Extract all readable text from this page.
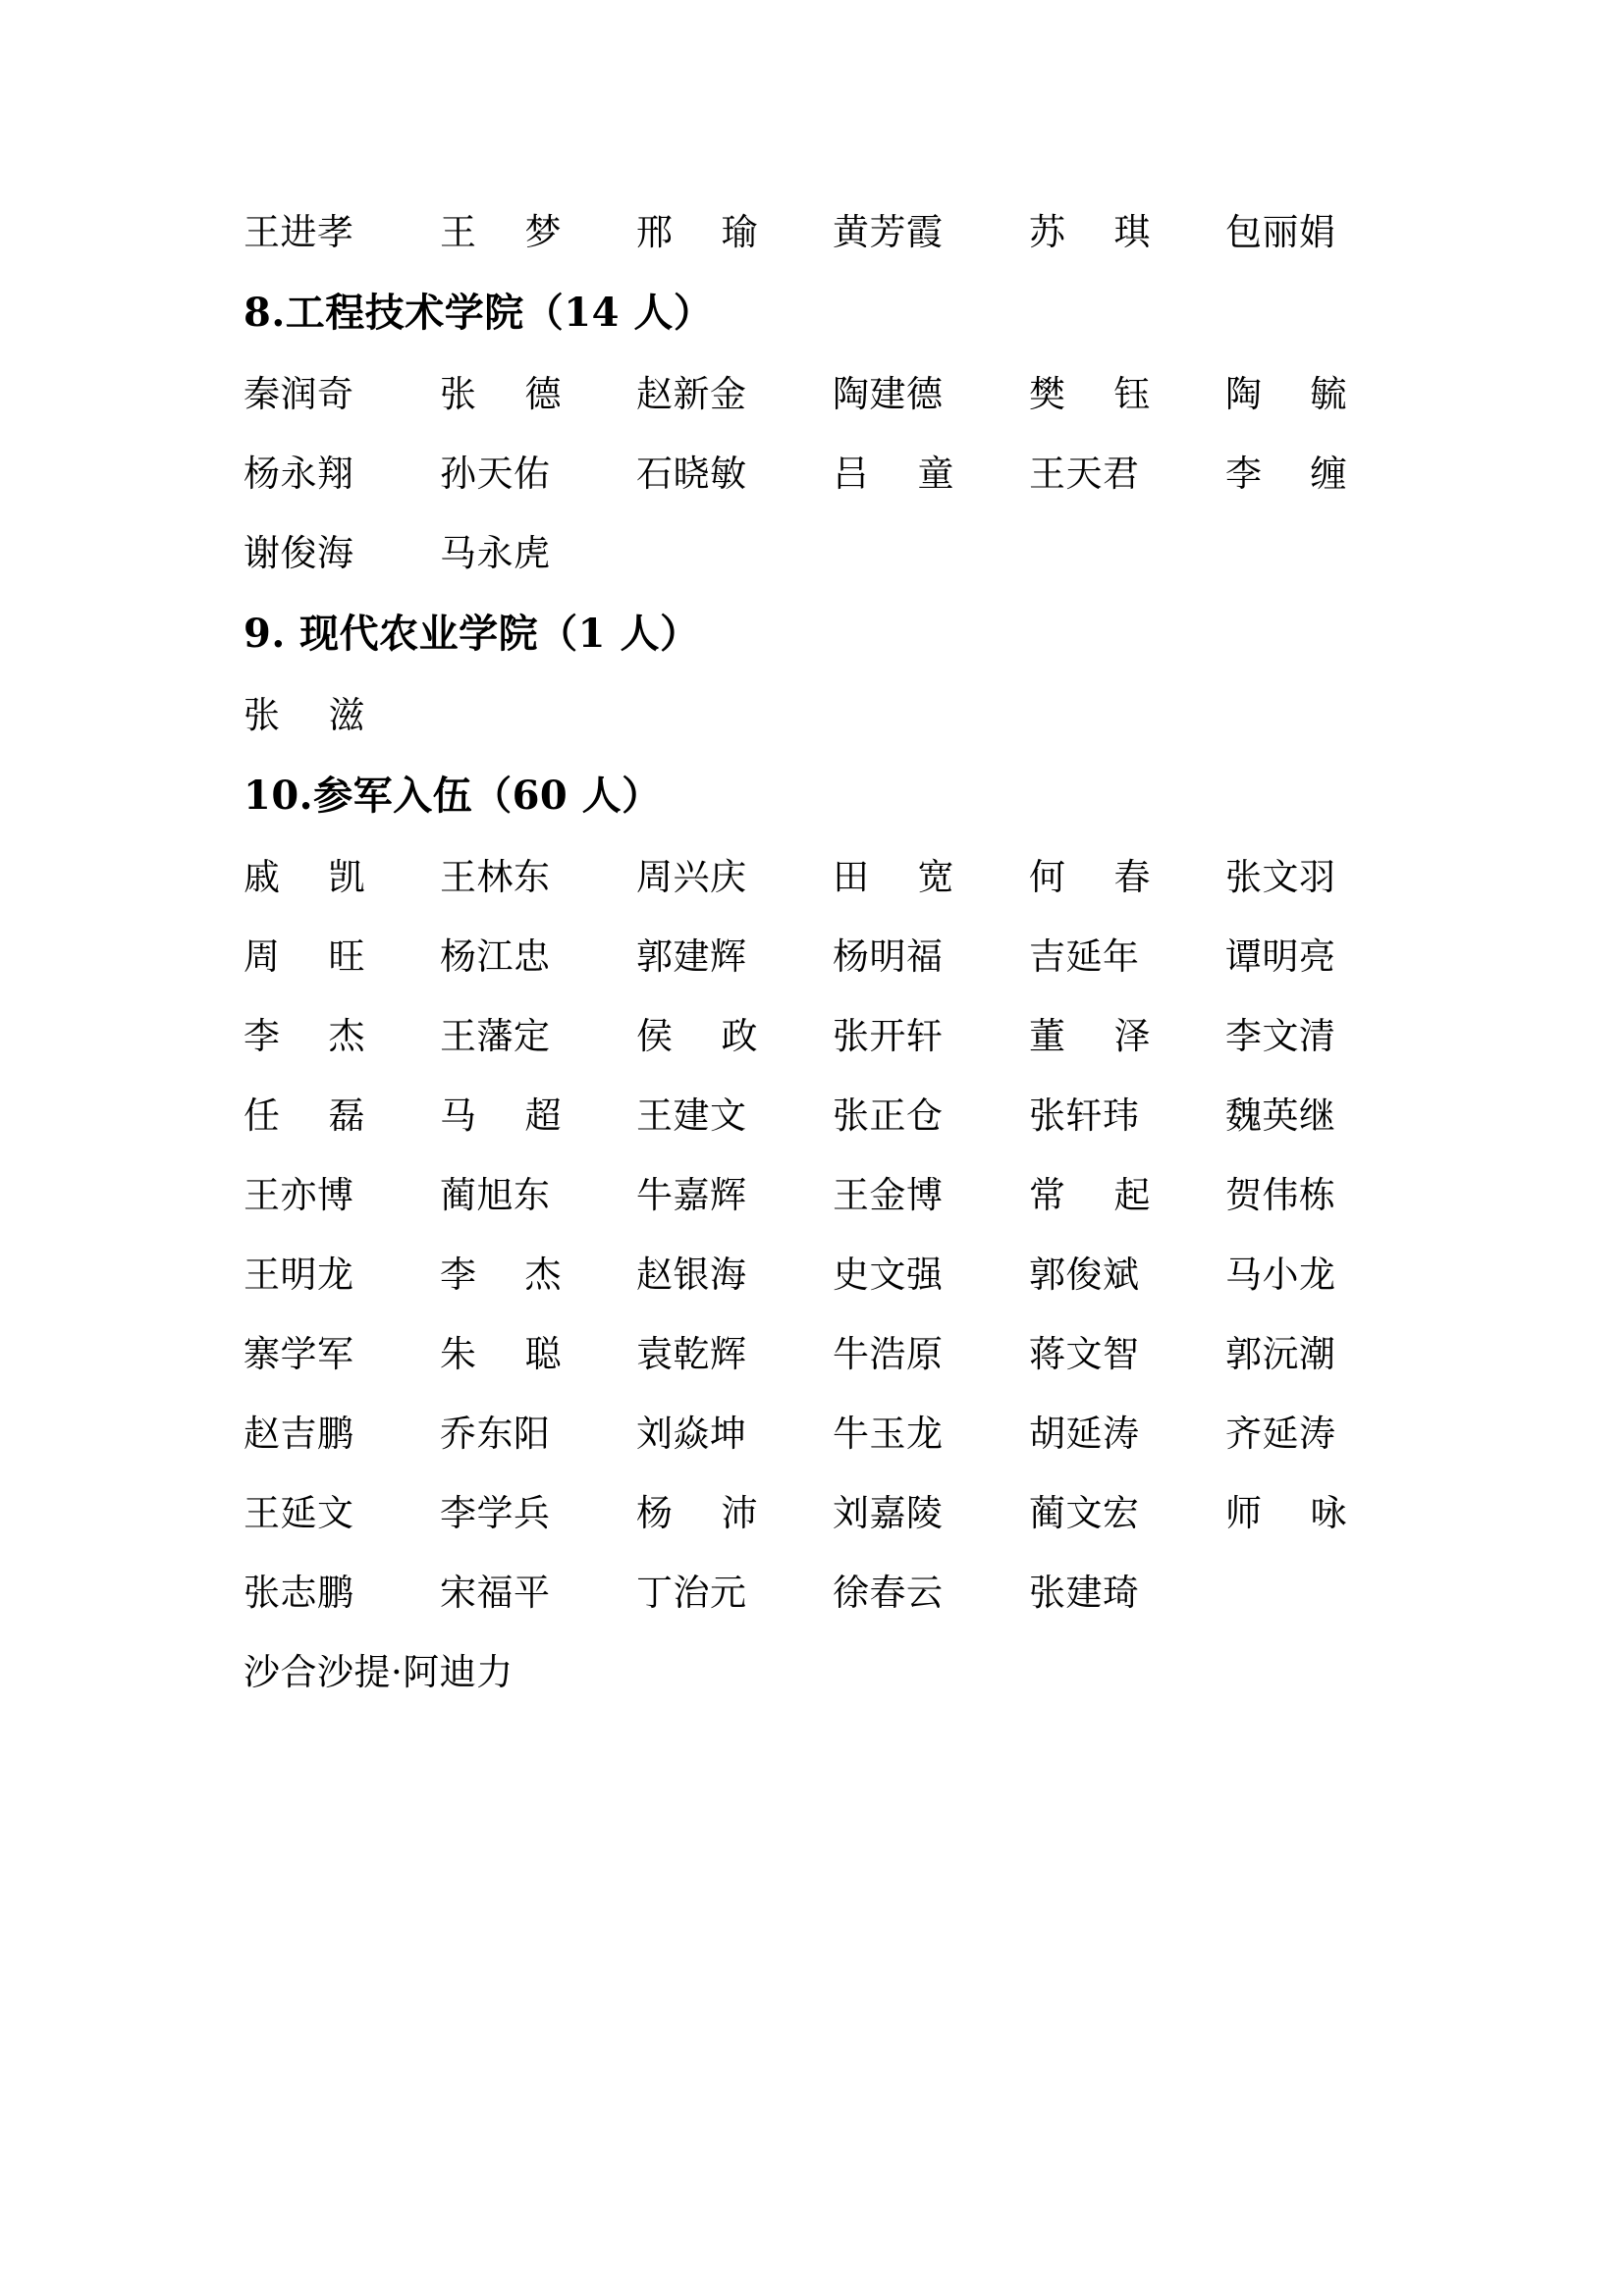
王进孝	王梦	邢瑜	黄芳霞	苏琪	包丽娟
8.工程技术学院（14 人）
秦润奇	张德	赵新金	陶建德	樊钰	陶毓
杨永翔	孙天佑	石晓敏	吕童	王天君	李缠
谢俊海	马永虎
9. 现代农业学院（1 人）
张滋
10.参军入伍（60 人）
戚凯	王林东	周兴庆	田宽	何春	张文羽
周旺	杨江忠	郭建辉	杨明福	吉延年	谭明亮
李杰	王藩定	侯政	张开轩	董泽	李文清
任磊	马超	王建文	张正仓	张轩玮	魏英继
王亦博	蔺旭东	牛嘉辉	王金博	常起	贺伟栋
王明龙	李杰	赵银海	史文强	郭俊斌	马小龙
寨学军	朱聪	袁乾辉	牛浩原	蒋文智	郭沅潮
赵吉鹏	乔东阳	刘焱坤	牛玉龙	胡延涛	齐延涛
王延文	李学兵	杨沛	刘嘉陵	蔺文宏	师咏
张志鹏	宋福平	丁治元	徐春云	张建琦
沙合沙提·阿迪力
